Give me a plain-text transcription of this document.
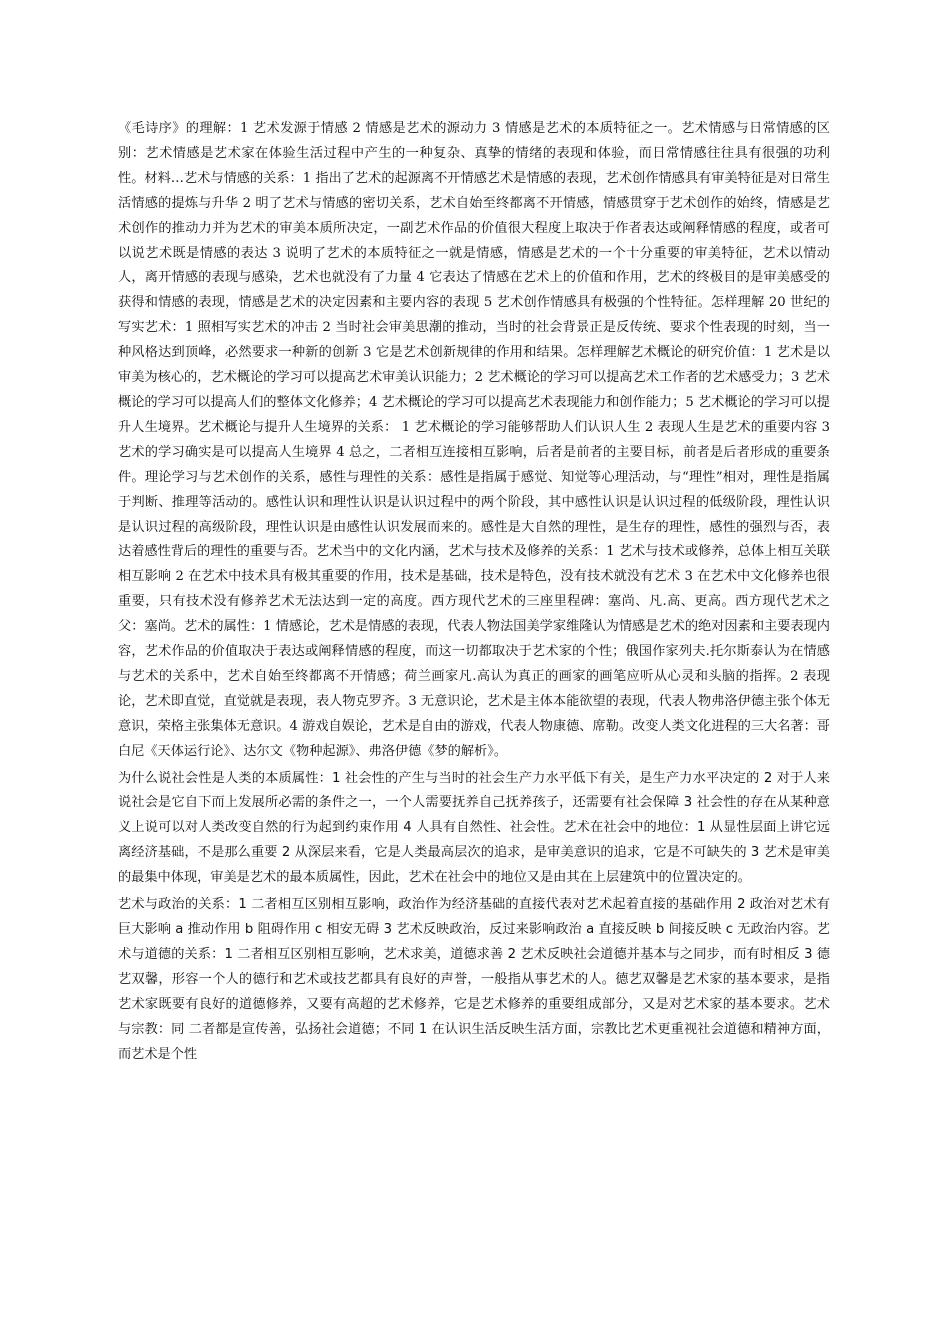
《毛诗序》的理解：1 艺术发源于情感 2 情感是艺术的源动力 3 情感是艺术的本质特征之一。艺术情感与日常情感的区别：艺术情感是艺术家在体验生活过程中产生的一种复杂、真挚的情绪的表现和体验，而日常情感往往具有很强的功利性。材料…艺术与情感的关系：1 指出了艺术的起源离不开情感艺术是情感的表现，艺术创作情感具有审美特征是对日常生活情感的提炼与升华 2 明了艺术与情感的密切关系，艺术自始至终都离不开情感，情感贯穿于艺术创作的始终，情感是艺术创作的推动力并为艺术的审美本质所决定，一副艺术作品的价值很大程度上取决于作者表达或阐释情感的程度，或者可以说艺术既是情感的表达 3 说明了艺术的本质特征之一就是情感，情感是艺术的一个十分重要的审美特征，艺术以情动人，离开情感的表现与感染，艺术也就没有了力量 4 它表达了情感在艺术上的价值和作用，艺术的终极目的是审美感受的获得和情感的表现，情感是艺术的决定因素和主要内容的表现 5 艺术创作情感具有极强的个性特征。怎样理解 20 世纪的写实艺术：1 照相写实艺术的冲击 2 当时社会审美思潮的推动，当时的社会背景正是反传统、要求个性表现的时刻，当一种风格达到顶峰，必然要求一种新的创新 3 它是艺术创新规律的作用和结果。怎样理解艺术概论的研究价值：1 艺术是以审美为核心的，艺术概论的学习可以提高艺术审美认识能力；2 艺术概论的学习可以提高艺术工作者的艺术感受力；3 艺术概论的学习可以提高人们的整体文化修养；4 艺术概论的学习可以提高艺术表现能力和创作能力；5 艺术概论的学习可以提升人生境界。艺术概论与提升人生境界的关系： 1 艺术概论的学习能够帮助人们认识人生 2 表现人生是艺术的重要内容 3 艺术的学习确实是可以提高人生境界 4 总之，二者相互连接相互影响，后者是前者的主要目标，前者是后者形成的重要条件。理论学习与艺术创作的关系，感性与理性的关系：感性是指属于感觉、知觉等心理活动，与“理性”相对，理性是指属于判断、推理等活动的。感性认识和理性认识是认识过程中的两个阶段，其中感性认识是认识过程的低级阶段，理性认识是认识过程的高级阶段，理性认识是由感性认识发展而来的。感性是大自然的理性，是生存的理性，感性的强烈与否，表达着感性背后的理性的重要与否。艺术当中的文化内涵，艺术与技术及修养的关系：1 艺术与技术或修养，总体上相互关联相互影响 2 在艺术中技术具有极其重要的作用，技术是基础，技术是特色，没有技术就没有艺术 3 在艺术中文化修养也很重要，只有技术没有修养艺术无法达到一定的高度。西方现代艺术的三座里程碑：塞尚、凡.高、更高。西方现代艺术之父：塞尚。艺术的属性：1 情感论，艺术是情感的表现，代表人物法国美学家维隆认为情感是艺术的绝对因素和主要表现内容，艺术作品的价值取决于表达或阐释情感的程度，而这一切都取决于艺术家的个性；俄国作家列夫.托尔斯泰认为在情感与艺术的关系中，艺术自始至终都离不开情感；荷兰画家凡.高认为真正的画家的画笔应听从心灵和头脑的指挥。2 表现论，艺术即直觉，直觉就是表现，表人物克罗齐。3 无意识论，艺术是主体本能欲望的表现，代表人物弗洛伊德主张个体无意识，荣格主张集体无意识。4 游戏自娱论，艺术是自由的游戏，代表人物康德、席勒。改变人类文化进程的三大名著：哥白尼《天体运行论》、达尔文《物种起源》、弗洛伊德《梦的解析》。

为什么说社会性是人类的本质属性：1 社会性的产生与当时的社会生产力水平低下有关，是生产力水平决定的 2 对于人来说社会是它自下而上发展所必需的条件之一，一个人需要抚养自己抚养孩子，还需要有社会保障 3 社会性的存在从某种意义上说可以对人类改变自然的行为起到约束作用 4 人具有自然性、社会性。艺术在社会中的地位：1 从显性层面上讲它远离经济基础，不是那么重要 2 从深层来看，它是人类最高层次的追求，是审美意识的追求，它是不可缺失的 3 艺术是审美的最集中体现，审美是艺术的最本质属性，因此，艺术在社会中的地位又是由其在上层建筑中的位置决定的。

艺术与政治的关系：1 二者相互区别相互影响，政治作为经济基础的直接代表对艺术起着直接的基础作用 2 政治对艺术有巨大影响 a 推动作用 b 阻碍作用 c 相安无碍 3 艺术反映政治，反过来影响政治 a 直接反映 b 间接反映 c 无政治内容。艺术与道德的关系：1 二者相互区别相互影响，艺术求美，道德求善 2 艺术反映社会道德并基本与之同步，而有时相反 3 德艺双馨，形容一个人的德行和艺术或技艺都具有良好的声誉，一般指从事艺术的人。德艺双馨是艺术家的基本要求，是指艺术家既要有良好的道德修养，又要有高超的艺术修养，它是艺术修养的重要组成部分，又是对艺术家的基本要求。艺术与宗教：同 二者都是宣传善，弘扬社会道德；不同 1 在认识生活反映生活方面，宗教比艺术更重视社会道德和精神方面，而艺术是个性
